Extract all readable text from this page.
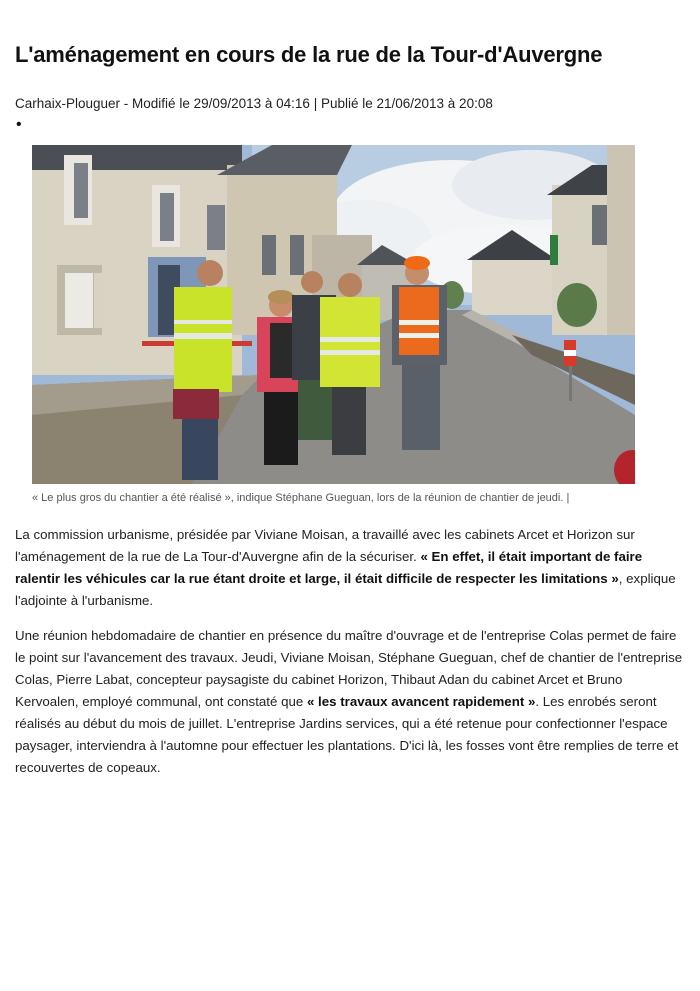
L'aménagement en cours de la rue de la Tour-d'Auvergne
Carhaix-Plouguer - Modifié le 29/09/2013 à 04:16 | Publié le 21/06/2013 à 20:08
•
« Le plus gros du chantier a été réalisé », indique Stéphane Gueguan, lors de la réunion de chantier de jeudi. |

La commission urbanisme, présidée par Viviane Moisan, a travaillé avec les cabinets Arcet et Horizon sur l'aménagement de la rue de La Tour-d'Auvergne afin de la sécuriser. « En effet, il était important de faire ralentir les véhicules car la rue étant droite et large, il était difficile de respecter les limitations », explique l'adjointe à l'urbanisme.

Une réunion hebdomadaire de chantier en présence du maître d'ouvrage et de l'entreprise Colas permet de faire le point sur l'avancement des travaux. Jeudi, Viviane Moisan, Stéphane Gueguan, chef de chantier de l'entreprise Colas, Pierre Labat, concepteur paysagiste du cabinet Horizon, Thibaut Adan du cabinet Arcet et Bruno Kervoalen, employé communal, ont constaté que « les travaux avancent rapidement ». Les enrobés seront réalisés au début du mois de juillet. L'entreprise Jardins services, qui a été retenue pour confectionner l'espace paysager, interviendra à l'automne pour effectuer les plantations. D'ici là, les fosses vont être remplies de terre et recouvertes de copeaux.
